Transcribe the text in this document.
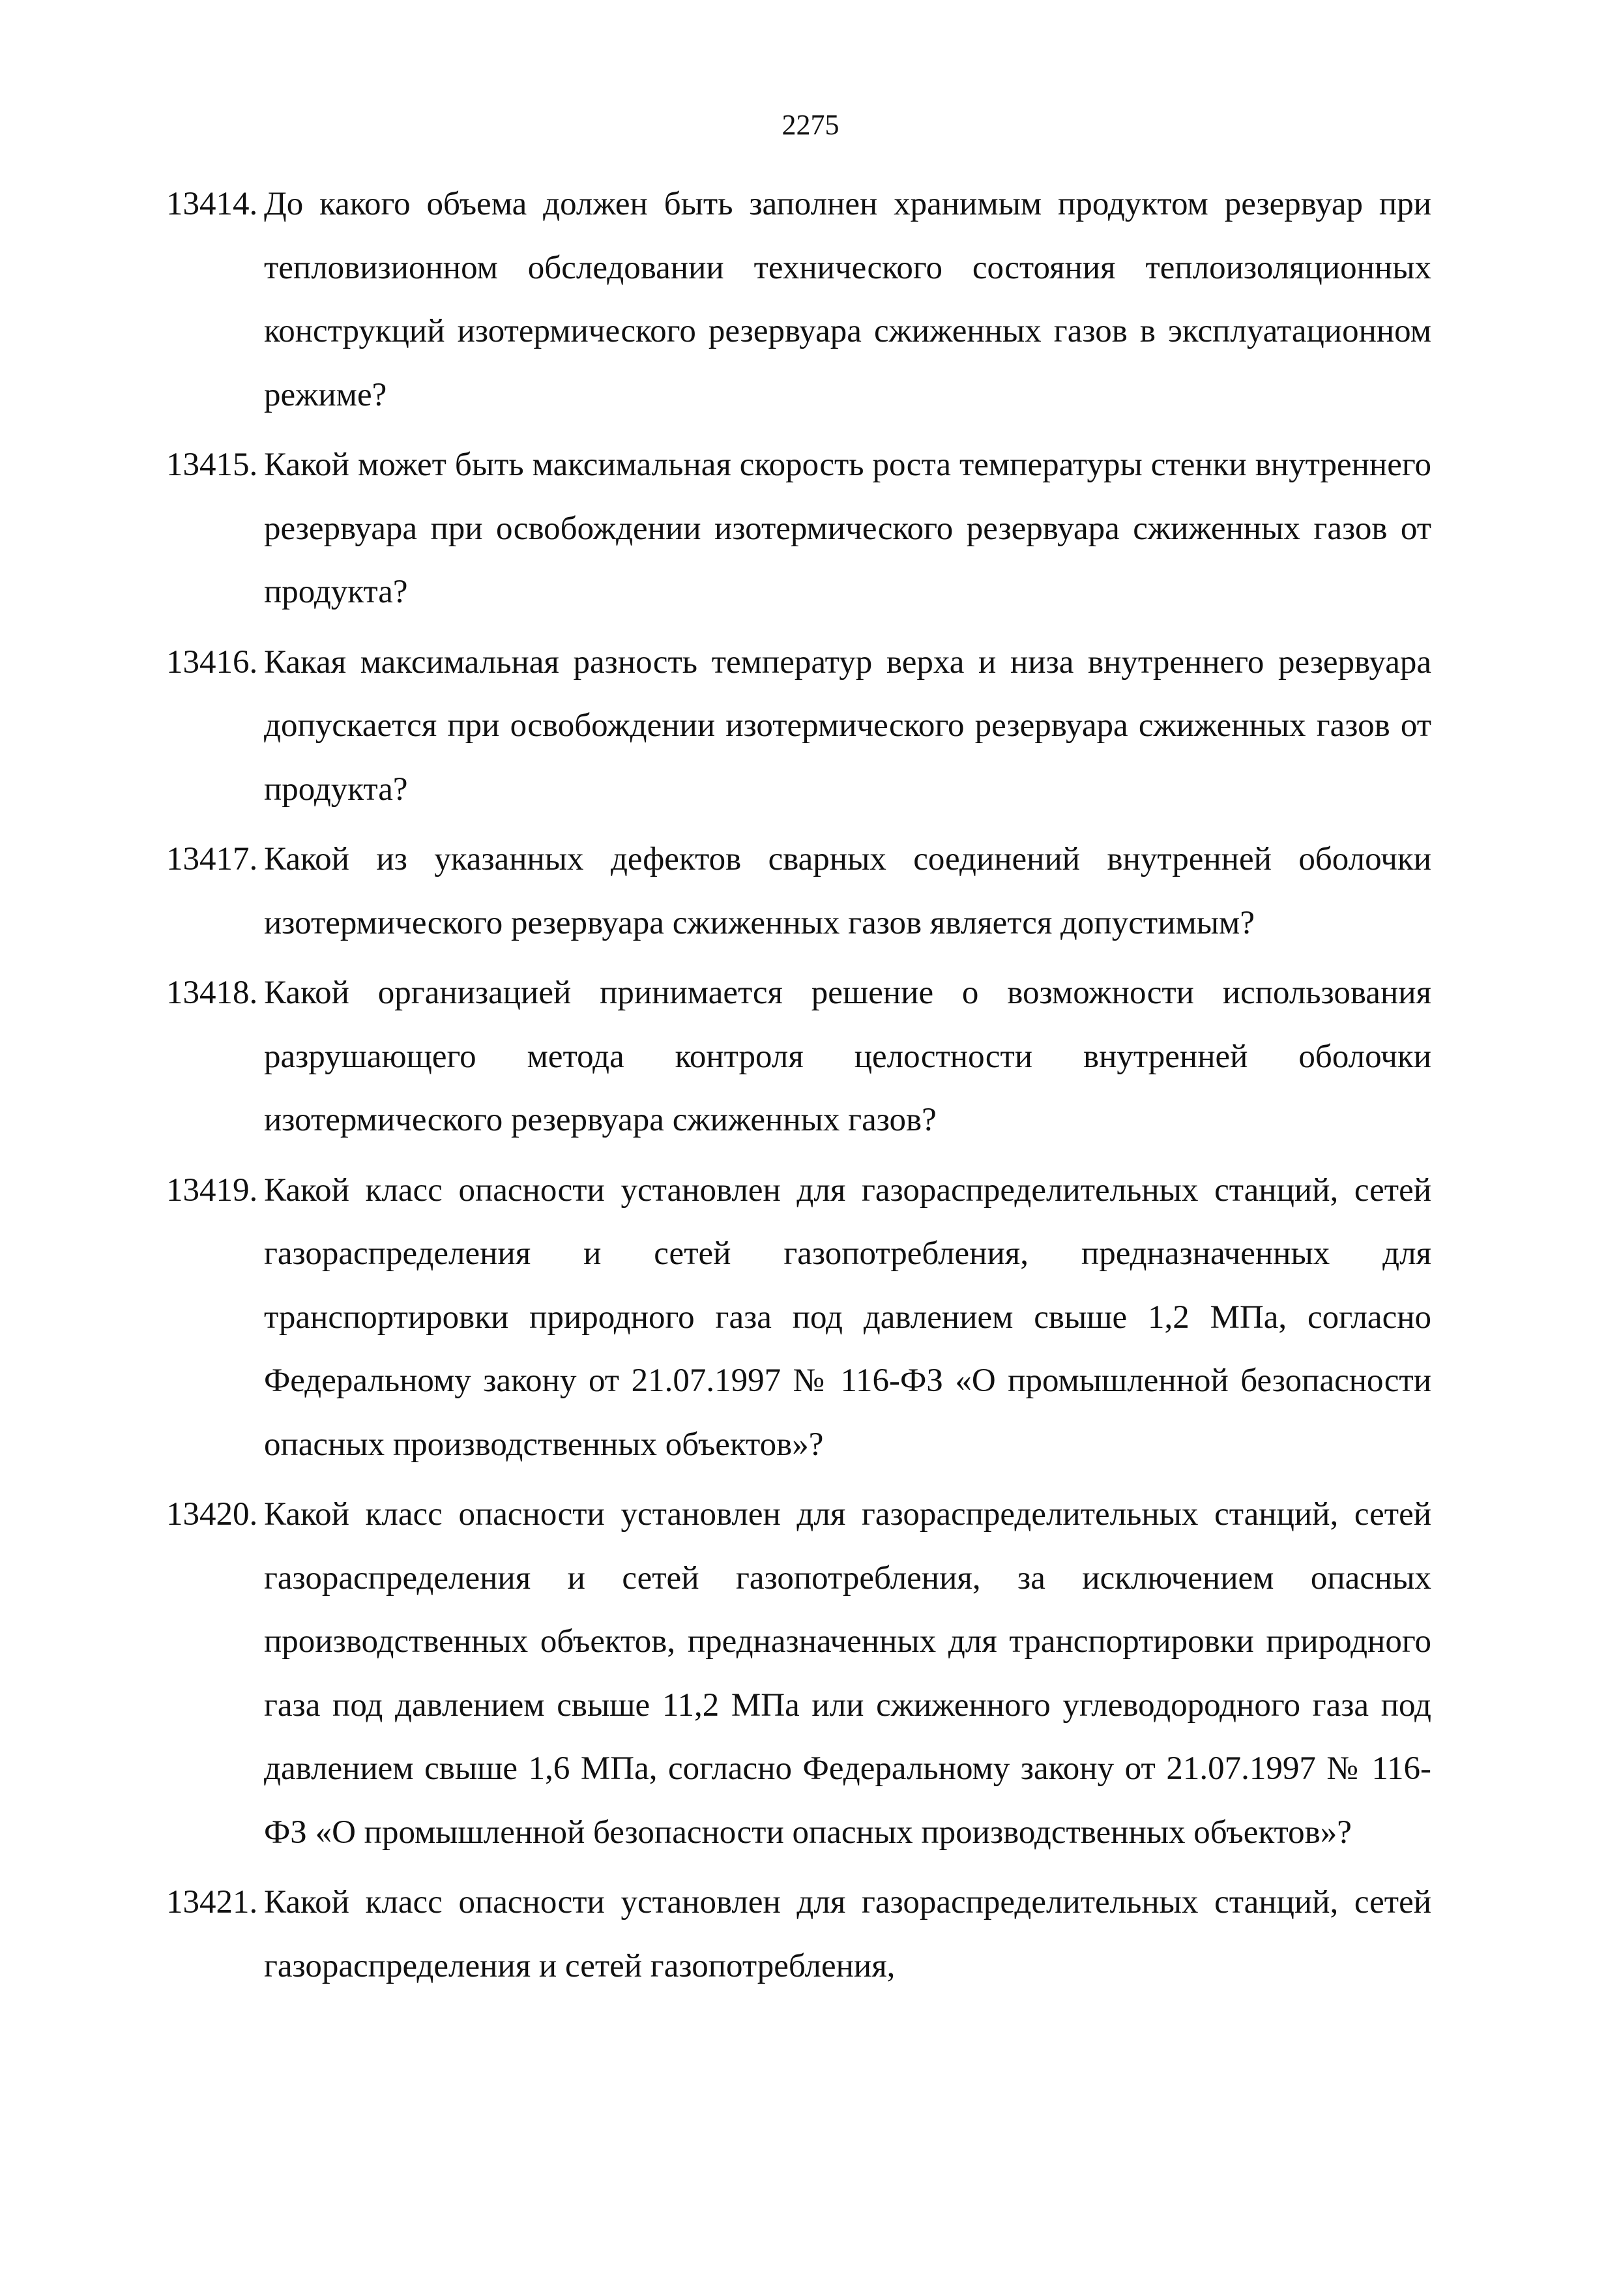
2275
13414. До какого объема должен быть заполнен хранимым продуктом резервуар при тепловизионном обследовании технического состояния теплоизоляционных конструкций изотермического резервуара сжиженных газов в эксплуатационном режиме?
13415. Какой может быть максимальная скорость роста температуры стенки внутреннего резервуара при освобождении изотермического резервуара сжиженных газов от продукта?
13416. Какая максимальная разность температур верха и низа внутреннего резервуара допускается при освобождении изотермического резервуара сжиженных газов от продукта?
13417. Какой из указанных дефектов сварных соединений внутренней оболочки изотермического резервуара сжиженных газов является допустимым?
13418. Какой организацией принимается решение о возможности использования разрушающего метода контроля целостности внутренней оболочки изотермического резервуара сжиженных газов?
13419. Какой класс опасности установлен для газораспределительных станций, сетей газораспределения и сетей газопотребления, предназначенных для транспортировки природного газа под давлением свыше 1,2 МПа, согласно Федеральному закону от 21.07.1997 № 116-ФЗ «О промышленной безопасности опасных производственных объектов»?
13420. Какой класс опасности установлен для газораспределительных станций, сетей газораспределения и сетей газопотребления, за исключением опасных производственных объектов, предназначенных для транспортировки природного газа под давлением свыше 11,2 МПа или сжиженного углеводородного газа под давлением свыше 1,6 МПа, согласно Федеральному закону от 21.07.1997 № 116-ФЗ «О промышленной безопасности опасных производственных объектов»?
13421. Какой класс опасности установлен для газораспределительных станций, сетей газораспределения и сетей газопотребления,
